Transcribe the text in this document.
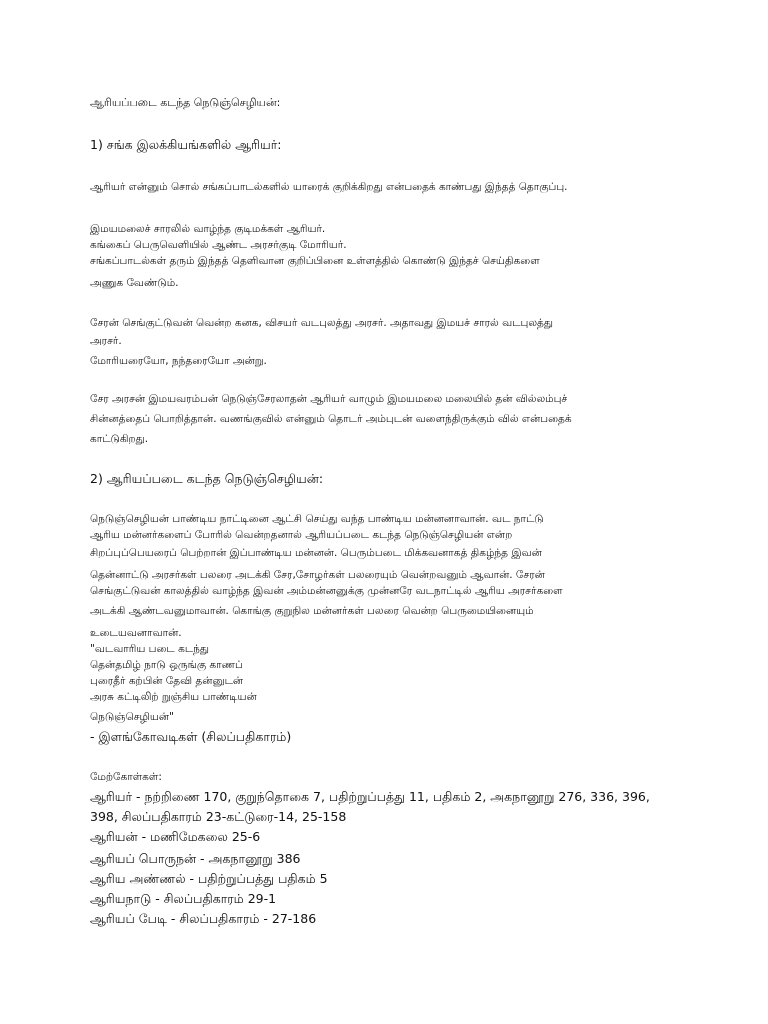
ஆரியப்படை கடந்த நெடுஞ்செழியன்:
1) சங்க இலக்கியங்களில் ஆரியர்:
ஆரியர் என்னும் சொல் சங்கப்பாடல்களில் யாரைக் குறிக்கிறது என்பதைக் காண்பது இந்தத் தொகுப்பு.
இமயமலைச் சாரலில் வாழ்ந்த குடிமக்கள் ஆரியர்.
கங்கைப் பெருவெளியில் ஆண்ட அரசர்குடி மோரியர்.
சங்கப்பாடல்கள் தரும் இந்தத் தெளிவான குறிப்பினை உள்ளத்தில் கொண்டு இந்தச் செய்திகளை
அணுக வேண்டும்.
சேரன் செங்குட்டுவன் வென்ற கனக, விசயர் வடபுலத்து அரசர். அதாவது இமயச் சாரல் வடபுலத்து
அரசர்.
மோரியரையோ, நந்தரையோ அன்று.
சேர அரசன் இமயவரம்பன் நெடுஞ்சேரலாதன் ஆரியர் வாழும் இமயமலை மலையில் தன் வில்லம்புச்
சின்னத்தைப் பொறித்தான். வணங்குவில் என்னும் தொடர் அம்புடன் வளைந்திருக்கும் வில் என்பதைக்
காட்டுகிறது.
2) ஆரியப்படை கடந்த நெடுஞ்செழியன்:
நெடுஞ்செழியன் பாண்டிய நாட்டினை ஆட்சி செய்து வந்த பாண்டிய மன்னனாவான். வட நாட்டு
ஆரிய மன்னர்களைப் போரில் வென்றதனால் ஆரியப்படை கடந்த நெடுஞ்செழியன் என்ற
சிறப்புப்பெயரைப் பெற்றான் இப்பாண்டிய மன்னன். பெரும்படை மிக்கவனாகத் திகழ்ந்த இவன்
தென்னாட்டு அரசர்கள் பலரை அடக்கி சேர,சோழர்கள் பலரையும் வென்றவனும் ஆவான். சேரன்
செங்குட்டுவன் காலத்தில் வாழ்ந்த இவன் அம்மன்னனுக்கு முன்னரே வடநாட்டில் ஆரிய அரசர்களை
அடக்கி ஆண்டவனுமாவான். கொங்கு குறுநில மன்னர்கள் பலரை வென்ற பெருமையினையும்
உடையவனாவான்.
"வடவாரிய படை கடந்து
தென்தமிழ் நாடு ஒருங்கு காணப்
புரைதீர் கற்பின் தேவி தன்னுடன்
அரசு கட்டிலிற் றுஞ்சிய பாண்டியன்
நெடுஞ்செழியன்"
- இளங்கோவடிகள் (சிலப்பதிகாரம்)
மேற்கோள்கள்:
ஆரியர் - நற்றிணை 170, குறுந்தொகை 7, பதிற்றுப்பத்து 11, பதிகம் 2, அகநானூறு 276, 336, 396,
398, சிலப்பதிகாரம் 23-கட்டுரை-14, 25-158
ஆரியன் - மணிமேகலை 25-6
ஆரியப் பொருநன் - அகநானூறு 386
ஆரிய அண்ணல் - பதிற்றுப்பத்து பதிகம் 5
ஆரியநாடு - சிலப்பதிகாரம் 29-1
ஆரியப் பேடி - சிலப்பதிகாரம் - 27-186
